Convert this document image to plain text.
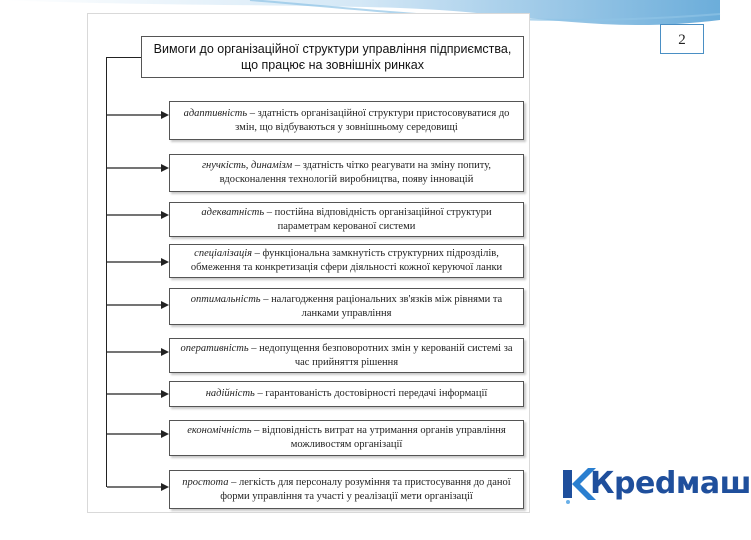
2
Вимоги до організаційної структури управління підприємства,
що працює на зовнішніх ринках
адаптивність – здатність організаційної структури пристосовуватися до змін, що відбуваються у зовнішньому середовищі
гнучкість, динамізм – здатність чітко реагувати на зміну попиту, вдосконалення технологій виробництва, появу інновацій
адекватність – постійна відповідність організаційної структури параметрам керованої системи
спеціалізація – функціональна замкнутість структурних підрозділів, обмеження та конкретизація сфери діяльності кожної керуючої ланки
оптимальність – налагодження раціональних зв'язків між рівнями та ланками управління
оперативність – недопущення безповоротних змін у керованій системі за час прийняття рішення
надійність – гарантованість достовірності передачі інформації
економічність – відповідність витрат на утримання органів управління можливостям організації
простота – легкість для персоналу розуміння та пристосування до даної форми управління та участі у реалізації мети організації	Креdмаш
